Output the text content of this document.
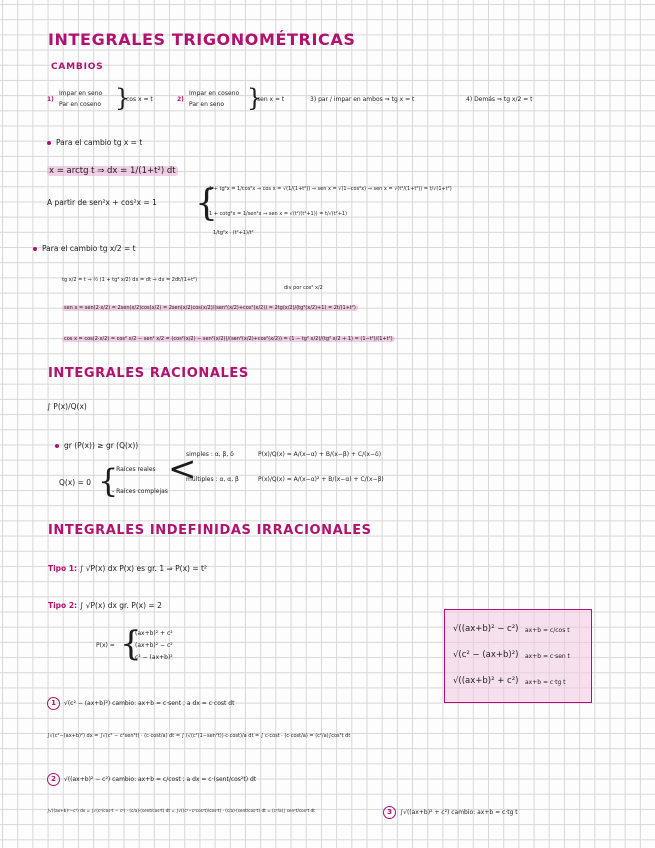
INTEGRALES TRIGONOMÉTRICAS
CAMBIOS
1)
Impar en seno
Par en coseno }
cos x = t	2)
Impar en coseno
Par en seno }
sen x = t	3) par / impar en ambos ⇒ tg x = t	4) Demás ⇒ tg x/2 = t
Para el cambio tg x = t
x = arctg t ⇒ dx = 1/(1+t²) dt
A partir de sen²x + cos²x = 1 {
1 + tg²x = 1/cos²x ⇒ cos x = √(1/(1+t²)) ⇒ sen x = √(1−cos²x) ⇒ sen x = √(t²/(1+t²)) = t/√(1+t²)
1 + cotg²x = 1/sen²x ⇒ sen x = √(t²/(t²+1)) = t/√(t²+1)
1/tg²x · (t²+1)/t²
Para el cambio tg x/2 = t
tg x/2 = t ⇒ ½ (1 + tg² x/2) dx = dt ⇒ dx = 2dt/(1+t²)
div por cos² x/2
sen x = sen(2·x/2) = 2sen(x/2)cos(x/2) = 2sen(x/2)cos(x/2)/(sen²(x/2)+cos²(x/2)) = 2tg(x/2)/(tg²(x/2)+1) = 2t/(1+t²)
cos x = cos(2·x/2) = cos² x/2 − sen² x/2 = (cos²(x/2) − sen²(x/2))/(sen²(x/2)+cos²(x/2)) = (1 − tg² x/2)/(tg² x/2 + 1) = (1−t²)/(1+t²)
INTEGRALES RACIONALES
∫ P(x)/Q(x)
gr (P(x)) ≥ gr (Q(x))
Q(x) = 0 {
- Raíces reales
- Raíces complejas
<
simples : α, β, δ	P(x)/Q(x) = A/(x−α) + B/(x−β) + C/(x−δ)
múltiples : α, α, β	P(x)/Q(x) = A/(x−α)² + B/(x−α) + C/(x−β)
INTEGRALES INDEFINIDAS IRRACIONALES
Tipo 1: ∫ √P(x) dx P(x) es gr. 1 ⇒ P(x) = t²
Tipo 2: ∫ √P(x) dx gr. P(x) = 2
P(x) = {
(ax+b)² + c²
(ax+b)² − c²
c² − (ax+b)²
√((ax+b)² − c²) ax+b = c/cos t
√(c² − (ax+b)²) ax+b = c·sen t
√((ax+b)² + c²) ax+b = c·tg t
1 √(c² − (ax+b)²) cambio: ax+b = c·sent ; a dx = c·cost dt
∫√(c²−(ax+b)²) dx = ∫√(c² − c²sen²t) · (c·cost/a) dt = ∫ (√(c²(1−sen²t))·c·cost)/a dt = ∫ c·cost · (c·cost/a) = (c²/a)∫cos²t dt
2 √((ax+b)² − c²) cambio: ax+b = c/cost ; a dx = c·(sent/cos²t) dt
∫√((ax+b)²−c²) dx = ∫√(c²/cos²t − c²) · (c/a)·(sent/cos²t) dt = ∫√((c²−c²cos²t)/cos²t) · (c/a)·(sent/cos²t) dt = (c²/a)∫ sen²t/cos³t dt	3 ∫√((ax+b)² + c²) cambio: ax+b = c·tg t
